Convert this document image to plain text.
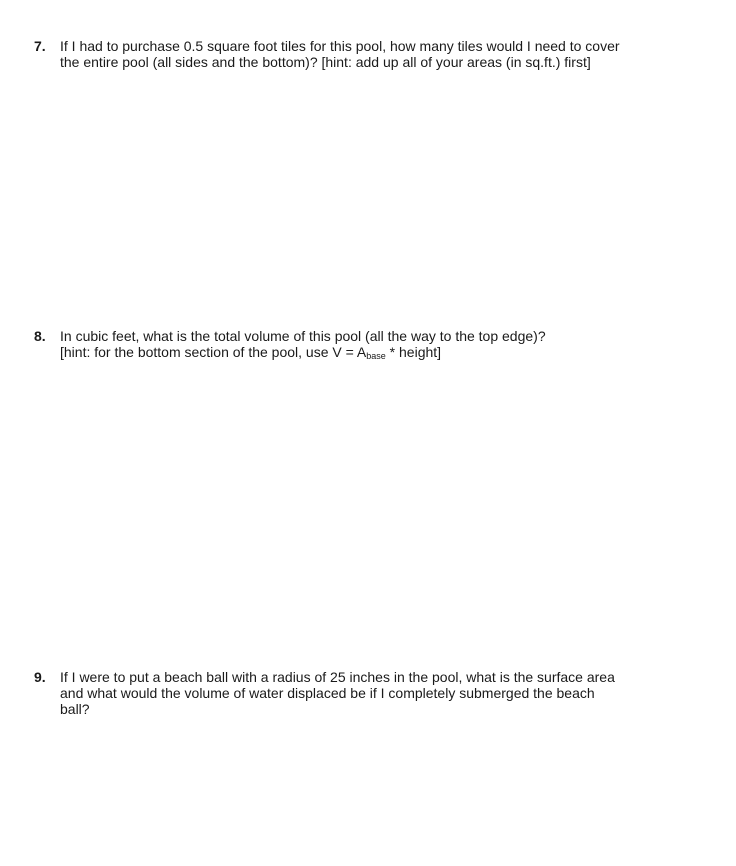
7. If I had to purchase 0.5 square foot tiles for this pool, how many tiles would I need to cover
the entire pool (all sides and the bottom)? [hint: add up all of your areas (in sq.ft.) first]
8. In cubic feet, what is the total volume of this pool (all the way to the top edge)?
[hint: for the bottom section of the pool, use $V = A_{base}$ * height]
9. If I were to put a beach ball with a radius of 25 inches in the pool, what is the surface area
and what would the volume of water displaced be if I completely submerged the beach
ball?
